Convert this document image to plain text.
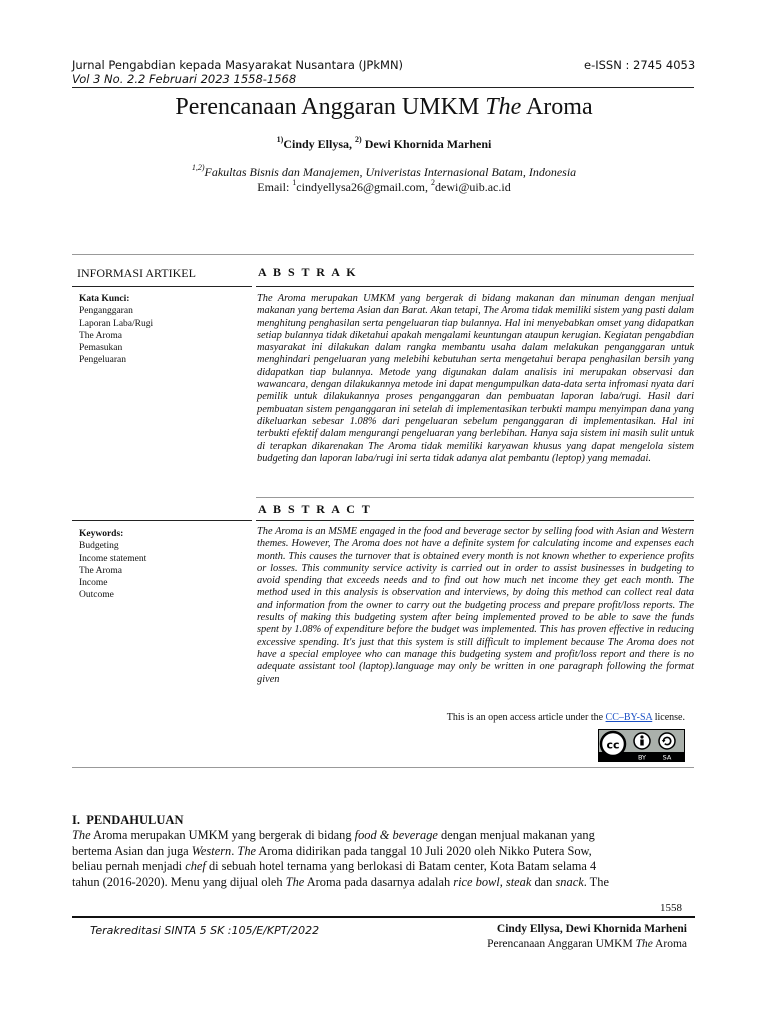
Jurnal Pengabdian kepada Masyarakat Nusantara (JPkMN)
Vol 3 No. 2.2 Februari 2023 1558-1568
e-ISSN : 2745 4053
Perencanaan Anggaran UMKM The Aroma
$^{1)}$Cindy Ellysa, $^{2)}$ Dewi Khornida Marheni
$^{1,2)}$Fakultas Bisnis dan Manajemen, Univeristas Internasional Batam, Indonesia
Email: $^1$cindyellysa26@gmail.com, $^2$dewi@uib.ac.id
INFORMASI ARTIKEL	A B S T R A K
Kata Kunci:
Penganggaran
Laporan Laba/Rugi
The Aroma
Pemasukan
Pengeluaran
The Aroma merupakan UMKM yang bergerak di bidang makanan dan minuman dengan menjual makanan yang bertema Asian dan Barat. Akan tetapi, The Aroma tidak memiliki sistem yang pasti dalam menghitung penghasilan serta pengeluaran tiap bulannya. Hal ini menyebabkan omset yang didapatkan setiap bulannya tidak diketahui apakah mengalami keuntungan ataupun kerugian. Kegiatan pengabdian masyarakat ini dilakukan dalam rangka membantu usaha dalam melakukan penganggaran untuk menghindari pengeluaran yang melebihi kebutuhan serta mengetahui berapa penghasilan bersih yang didapatkan tiap bulannya. Metode yang digunakan dalam analisis ini merupakan observasi dan wawancara, dengan dilakukannya metode ini dapat mengumpulkan data-data serta infromasi nyata dari pemilik untuk dilakukannya proses penganggaran dan pembuatan laporan laba/rugi. Hasil dari pembuatan sistem penganggaran ini setelah di implementasikan terbukti mampu menyimpan dana yang dikeluarkan sebesar 1.08% dari pengeluaran sebelum penganggaran di implementasikan. Hal ini terbukti efektif dalam mengurangi pengeluaran yang berlebihan. Hanya saja sistem ini masih sulit untuk di terapkan dikarenakan The Aroma tidak memiliki karyawan khusus yang dapat mengelola sistem budgeting dan laporan laba/rugi ini serta tidak adanya alat pembantu (leptop) yang memadai.
A B S T R A C T
Keywords:
Budgeting
Income statement
The Aroma
Income
Outcome
The Aroma is an MSME engaged in the food and beverage sector by selling food with Asian and Western themes. However, The Aroma does not have a definite system for calculating income and expenses each month. This causes the turnover that is obtained every month is not known whether to experience profits or losses. This community service activity is carried out in order to assist businesses in budgeting to avoid spending that exceeds needs and to find out how much net income they get each month. The method used in this analysis is observation and interviews, by doing this method can collect real data and information from the owner to carry out the budgeting process and prepare profit/loss reports. The results of making this budgeting system after being implemented proved to be able to save the funds spent by 1.08% of expenditure before the budget was implemented. This has proven effective in reducing excessive spending. It's just that this system is still difficult to implement because The Aroma does not have a special employee who can manage this budgeting system and profit/loss report and there is no adequate assistant tool (laptop).language may only be written in one paragraph following the format given
This is an open access article under the CC–BY-SA license.
cc
BY	SA
I. PENDAHULUAN
The Aroma merupakan UMKM yang bergerak di bidang food & beverage dengan menjual makanan yang
bertema Asian dan juga Western. The Aroma didirikan pada tanggal 10 Juli 2020 oleh Nikko Putera Sow,
beliau pernah menjadi chef di sebuah hotel ternama yang berlokasi di Batam center, Kota Batam selama 4
tahun (2016-2020). Menu yang dijual oleh The Aroma pada dasarnya adalah rice bowl, steak dan snack. The
1558
Terakreditasi SINTA 5 SK :105/E/KPT/2022	Cindy Ellysa, Dewi Khornida Marheni
Perencanaan Anggaran UMKM The Aroma
